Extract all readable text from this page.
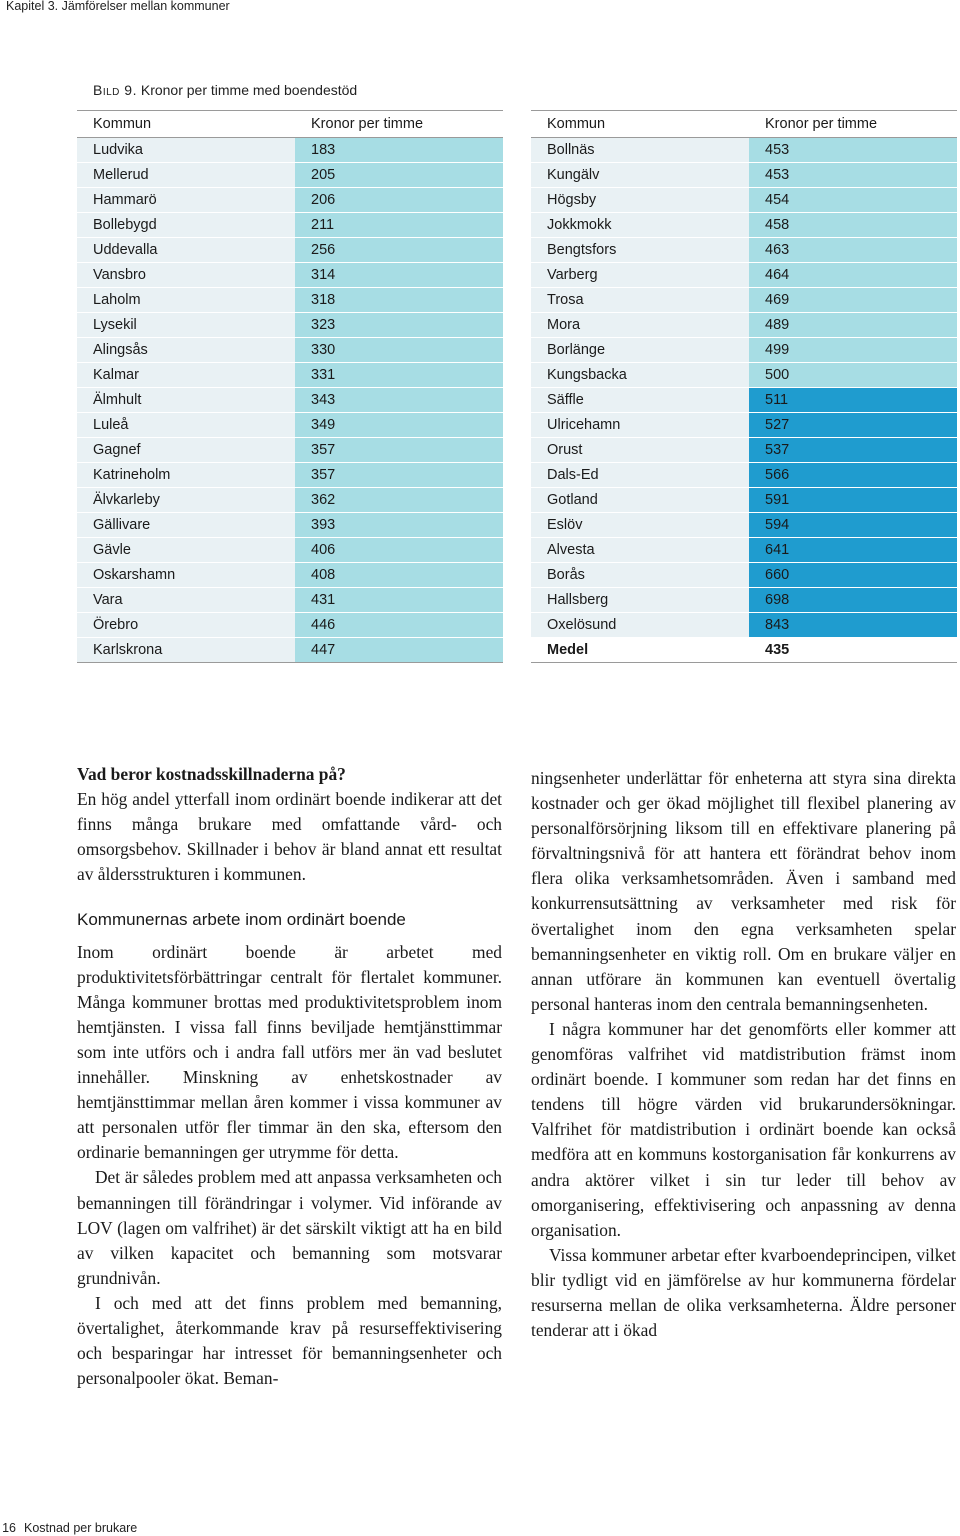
Kapitel 3. Jämförelser mellan kommuner
Bild 9. Kronor per timme med boendestöd
Kommun	Kronor per timme
Ludvika	183
Mellerud	205
Hammarö	206
Bollebygd	211
Uddevalla	256
Vansbro	314
Laholm	318
Lysekil	323
Alingsås	330
Kalmar	331
Älmhult	343
Luleå	349
Gagnef	357
Katrineholm	357
Älvkarleby	362
Gällivare	393
Gävle	406
Oskarshamn	408
Vara	431
Örebro	446
Karlskrona	447
Kommun	Kronor per timme
Bollnäs	453
Kungälv	453
Högsby	454
Jokkmokk	458
Bengtsfors	463
Varberg	464
Trosa	469
Mora	489
Borlänge	499
Kungsbacka	500
Säffle	511
Ulricehamn	527
Orust	537
Dals-Ed	566
Gotland	591
Eslöv	594
Alvesta	641
Borås	660
Hallsberg	698
Oxelösund	843
Medel	435
Vad beror kostnadsskillnaderna på?

En hög andel ytterfall inom ordinärt boende indikerar att det finns många brukare med omfattande vård- och omsorgsbehov. Skillnader i behov är bland annat ett resultat av åldersstrukturen i kommunen.

Kommunernas arbete inom ordinärt boende

Inom ordinärt boende är arbetet med produktivitetsförbättringar centralt för flertalet kommuner. Många kommuner brottas med produktivitetsproblem inom hemtjänsten. I vissa fall finns beviljade hemtjänsttimmar som inte utförs och i andra fall utförs mer än vad beslutet innehåller. Minskning av enhetskostnader av hemtjänsttimmar mellan åren kommer i vissa kommuner av att personalen utför fler timmar än den ska, eftersom den ordinarie bemanningen ger utrymme för detta.

Det är således problem med att anpassa verksamheten och bemanningen till förändringar i volymer. Vid införande av LOV (lagen om valfrihet) är det särskilt viktigt att ha en bild av vilken kapacitet och bemanning som motsvarar grundnivån.

I och med att det finns problem med bemanning, övertalighet, återkommande krav på resurseffektivisering och besparingar har intresset för bemanningsenheter och personalpooler ökat. Beman-

ningsenheter underlättar för enheterna att styra sina direkta kostnader och ger ökad möjlighet till flexibel planering av personalförsörjning liksom till en effektivare planering på förvaltningsnivå för att hantera ett förändrat behov inom flera olika verksamhetsområden. Även i samband med konkurrensutsättning av verksamheter med risk för övertalighet inom den egna verksamheten spelar bemanningsenheter en viktig roll. Om en brukare väljer en annan utförare än kommunen kan eventuell övertalig personal hanteras inom den centrala bemanningsenheten.

I några kommuner har det genomförts eller kommer att genomföras valfrihet vid matdistribution främst inom ordinärt boende. I kommuner som redan har det finns en tendens till högre värden vid brukarundersökningar. Valfrihet för matdistribution i ordinärt boende kan också medföra att en kommuns kostorganisation får konkurrens av andra aktörer vilket i sin tur leder till behov av omorganisering, effektivisering och anpassning av denna organisation.

Vissa kommuner arbetar efter kvarboendeprincipen, vilket blir tydligt vid en jämförelse av hur kommunerna fördelar resurserna mellan de olika verksamheterna. Äldre personer tenderar att i ökad

16 Kostnad per brukare
